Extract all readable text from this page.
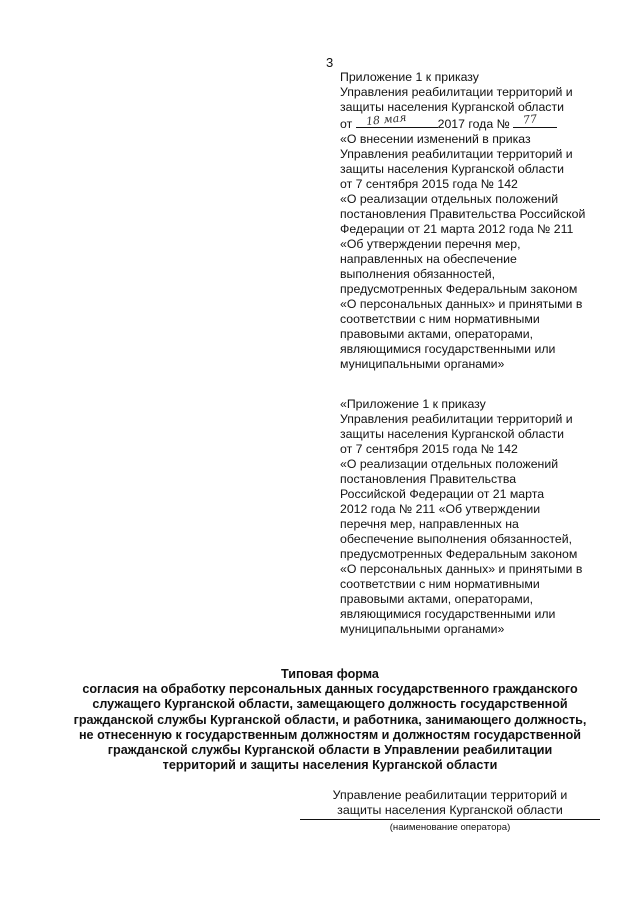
3
Приложение 1 к приказу
Управления реабилитации территорий и
защиты населения Курганской области
от 18 мая	2017 года № 77
«О внесении изменений в приказ
Управления реабилитации территорий и
защиты населения Курганской области
от 7 сентября 2015 года № 142
«О реализации отдельных положений
постановления Правительства Российской
Федерации от 21 марта 2012 года № 211
«Об утверждении перечня мер,
направленных на обеспечение
выполнения обязанностей,
предусмотренных Федеральным законом
«О персональных данных» и принятыми в
соответствии с ним нормативными
правовыми актами, операторами,
являющимися государственными или
муниципальными органами»
«Приложение 1 к приказу
Управления реабилитации территорий и
защиты населения Курганской области
от 7 сентября 2015 года № 142
«О реализации отдельных положений
постановления Правительства
Российской Федерации от 21 марта
2012 года № 211 «Об утверждении
перечня мер, направленных на
обеспечение выполнения обязанностей,
предусмотренных Федеральным законом
«О персональных данных» и принятыми в
соответствии с ним нормативными
правовыми актами, операторами,
являющимися государственными или
муниципальными органами»
Типовая форма
согласия на обработку персональных данных государственного гражданского
служащего Курганской области, замещающего должность государственной
гражданской службы Курганской области, и работника, занимающего должность,
не отнесенную к государственным должностям и должностям государственной
гражданской службы Курганской области в Управлении реабилитации
территорий и защиты населения Курганской области
Управление реабилитации территорий и
защиты населения Курганской области
(наименование оператора)
